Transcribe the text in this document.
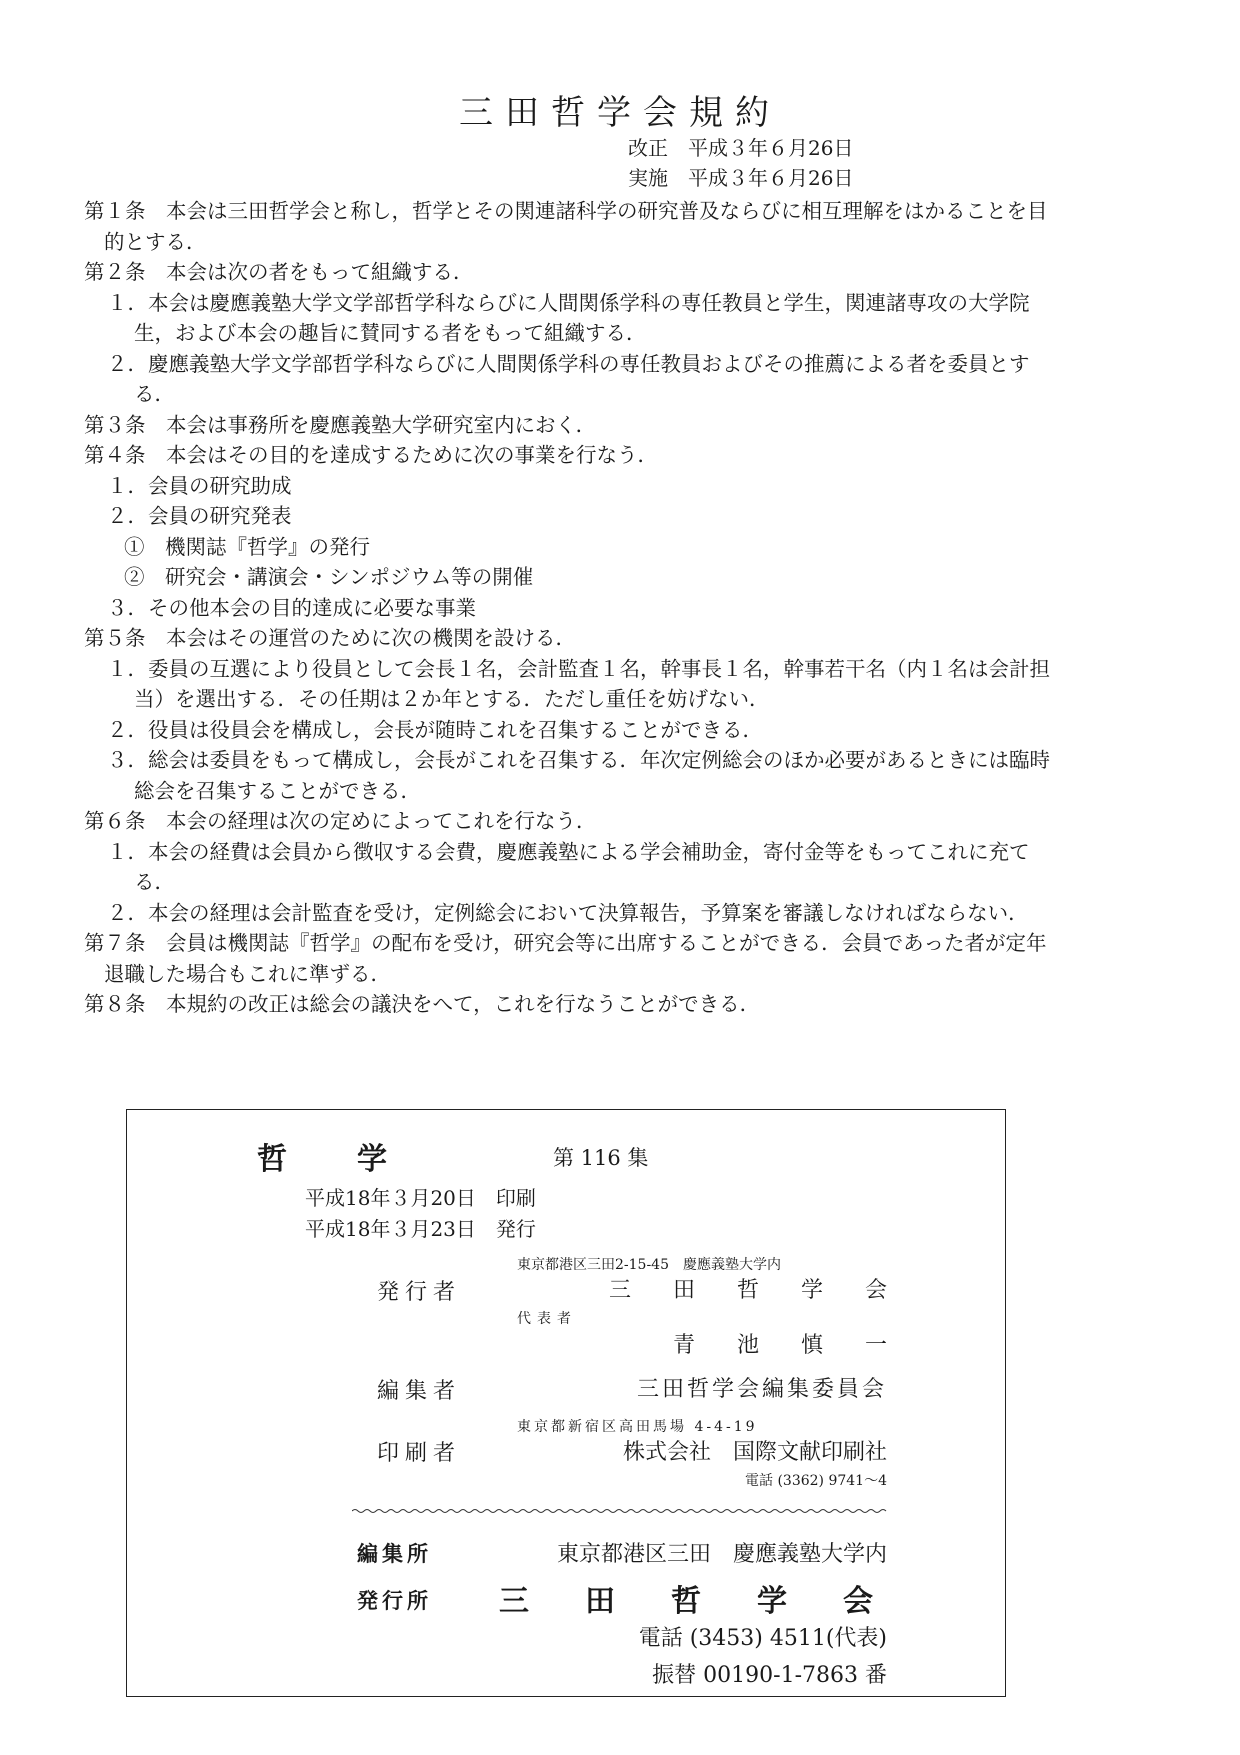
三田哲学会規約
改正　平成３年６月26日
実施　平成３年６月26日
第１条　本会は三田哲学会と称し，哲学とその関連諸科学の研究普及ならびに相互理解をはかることを目的とする．
第２条　本会は次の者をもって組織する．
１．本会は慶應義塾大学文学部哲学科ならびに人間関係学科の専任教員と学生，関連諸専攻の大学院生，および本会の趣旨に賛同する者をもって組織する．
２．慶應義塾大学文学部哲学科ならびに人間関係学科の専任教員およびその推薦による者を委員とする．
第３条　本会は事務所を慶應義塾大学研究室内におく．
第４条　本会はその目的を達成するために次の事業を行なう．
１．会員の研究助成
２．会員の研究発表
①　機関誌『哲学』の発行
②　研究会・講演会・シンポジウム等の開催
３．その他本会の目的達成に必要な事業
第５条　本会はその運営のために次の機関を設ける．
１．委員の互選により役員として会長１名，会計監査１名，幹事長１名，幹事若干名（内１名は会計担当）を選出する．その任期は２か年とする．ただし重任を妨げない．
２．役員は役員会を構成し，会長が随時これを召集することができる．
３．総会は委員をもって構成し，会長がこれを召集する．年次定例総会のほか必要があるときには臨時総会を召集することができる．
第６条　本会の経理は次の定めによってこれを行なう．
１．本会の経費は会員から徴収する会費，慶應義塾による学会補助金，寄付金等をもってこれに充てる．
２．本会の経理は会計監査を受け，定例総会において決算報告，予算案を審議しなければならない．
第７条　会員は機関誌『哲学』の配布を受け，研究会等に出席することができる．会員であった者が定年退職した場合もこれに準ずる．
第８条　本規約の改正は総会の議決をへて，これを行なうことができる．
哲学	第 116 集
平成18年３月20日　印刷
平成18年３月23日　発行
東京都港区三田2-15-45　慶應義塾大学内
発行者	三田哲学会
代表者
青池慎一
編集者	三田哲学会編集委員会
東京都新宿区高田馬場 4-4-19
印刷者	株式会社　国際文献印刷社
電話 (3362) 9741～4
編集所	東京都港区三田　慶應義塾大学内
発行所 三田哲学会
電話 (3453) 4511(代表)
振替 00190-1-7863 番
